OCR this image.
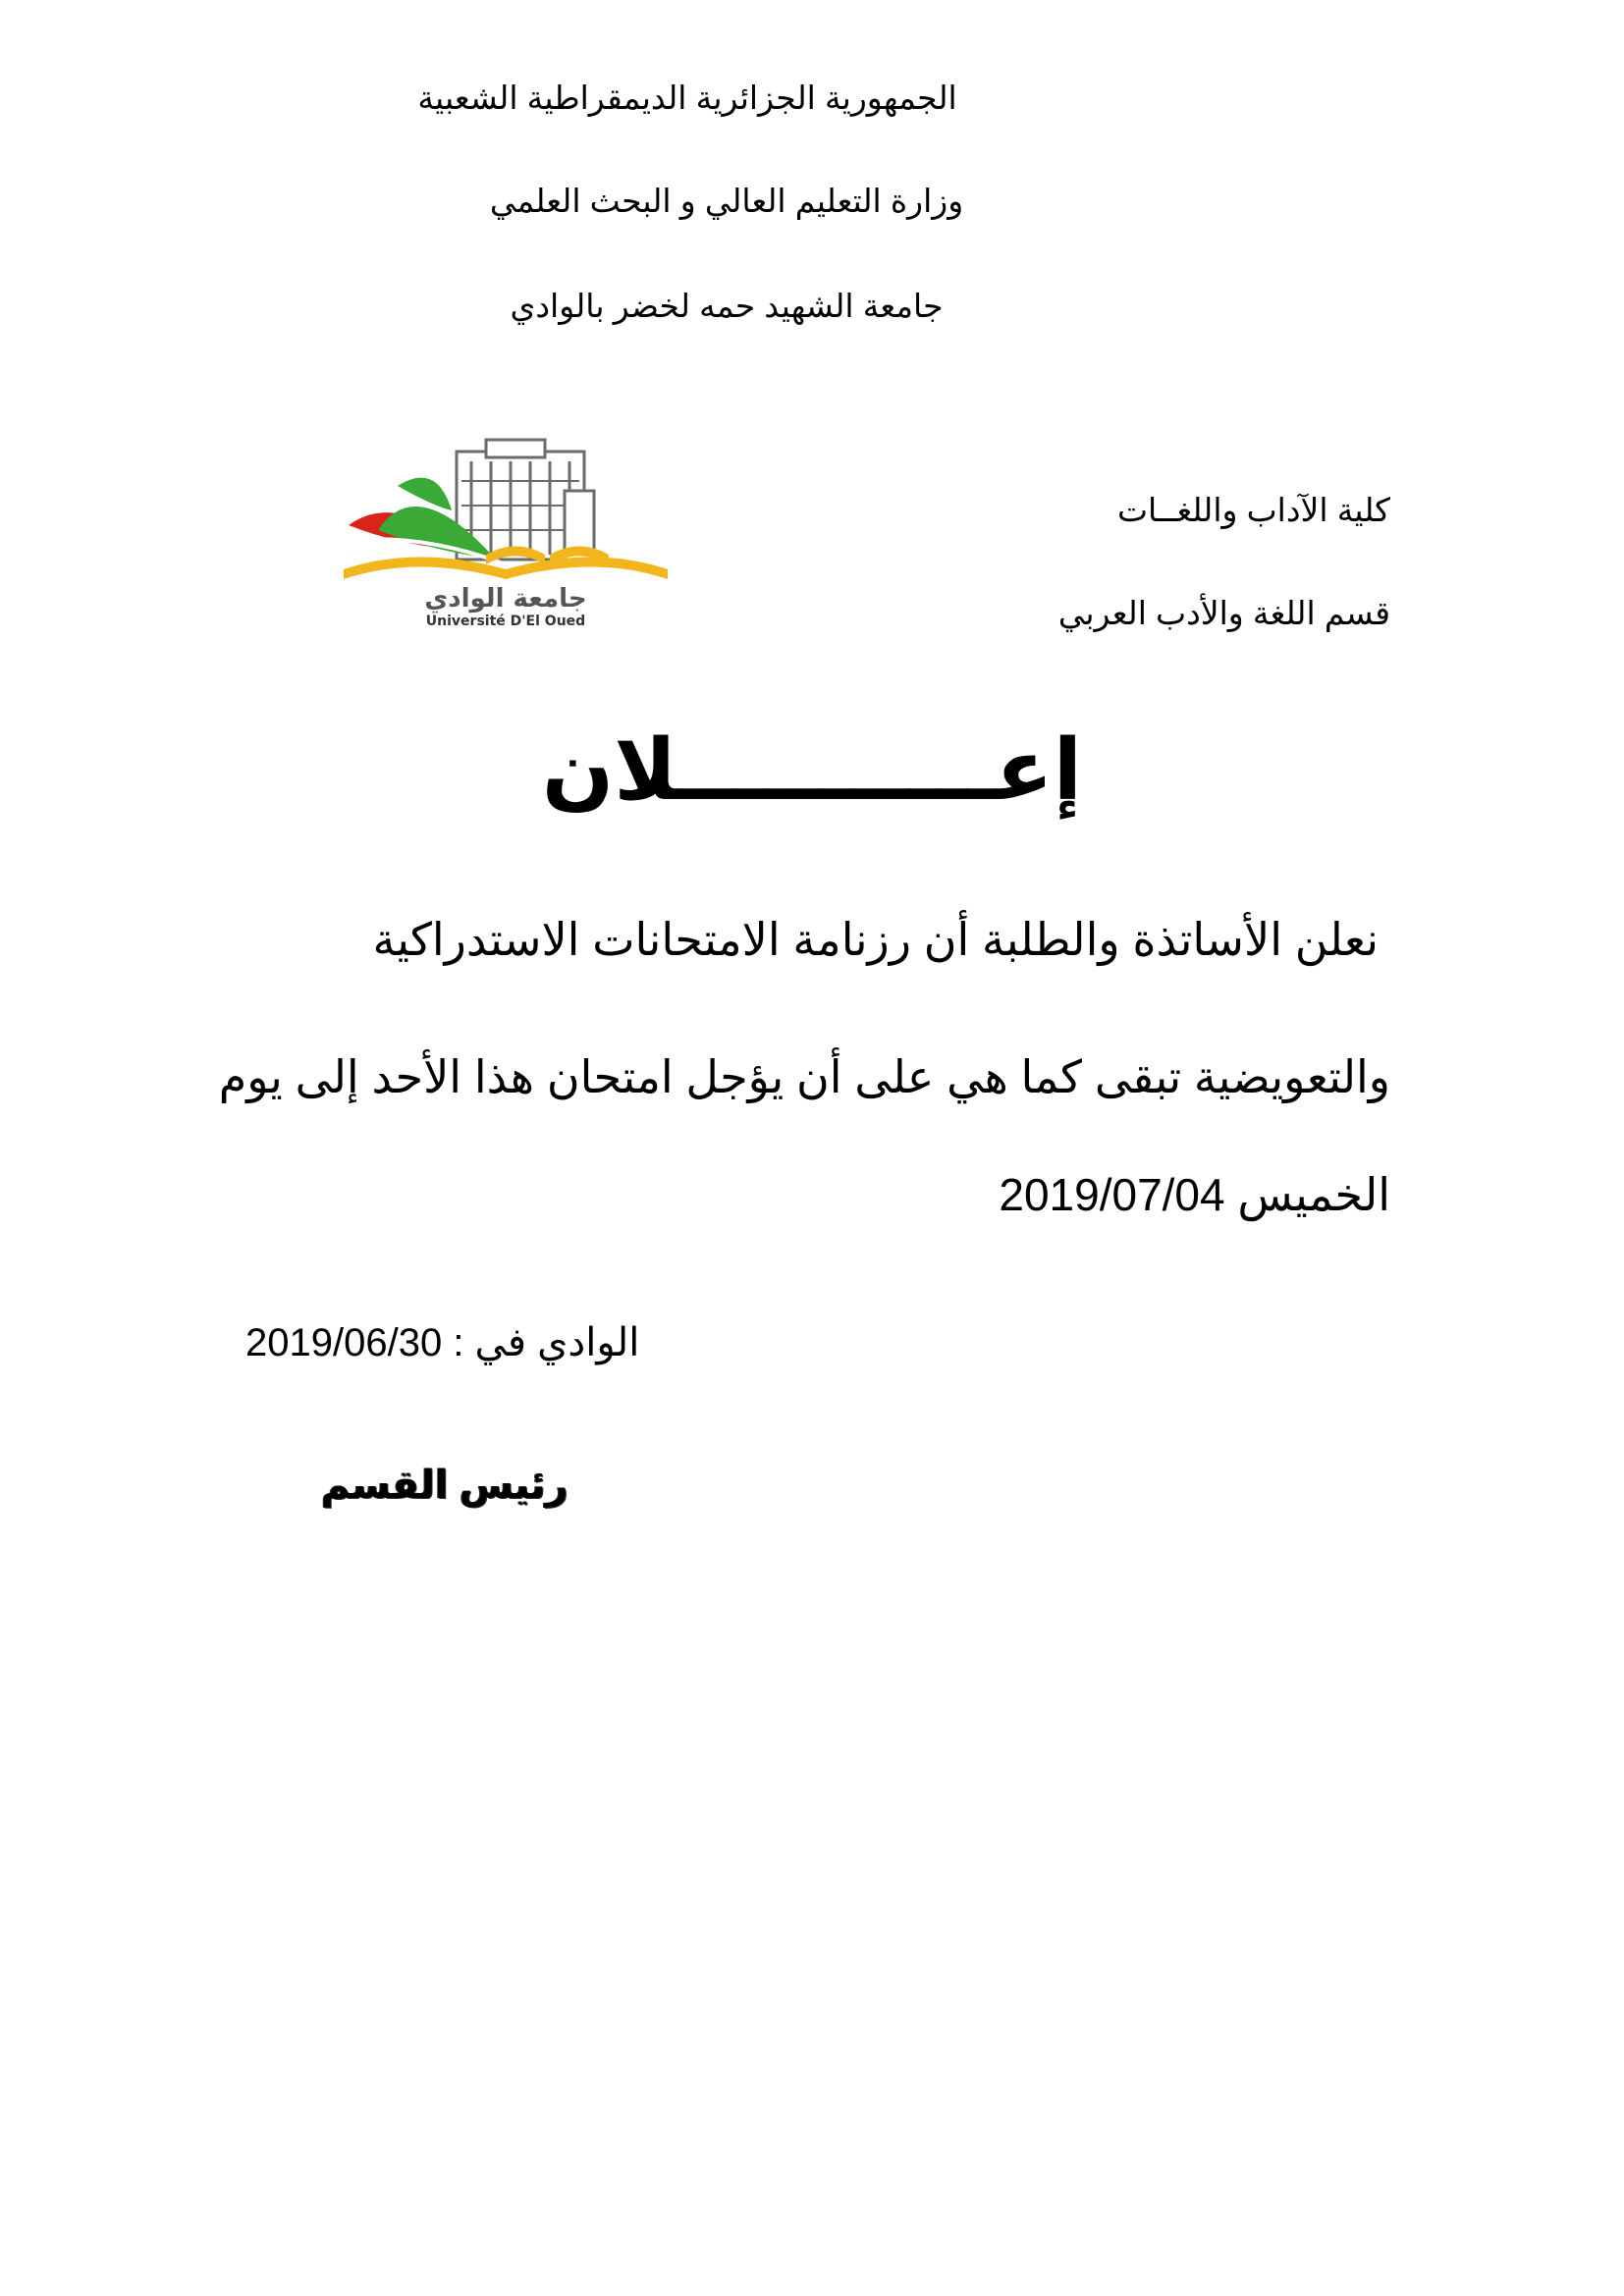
الجمهورية الجزائرية الديمقراطية الشعبية
وزارة التعليم العالي و البحث العلمي
جامعة الشهيد حمه لخضر بالوادي
كلية الآداب واللغــات
قسم اللغة والأدب العربي
جامعة الوادي
Université D'El Oued
إعـــــــــــلان
نعلن الأساتذة والطلبة أن رزنامة الامتحانات الاستدراكية
والتعويضية تبقى كما هي على أن يؤجل امتحان هذا الأحد إلى يوم
الخميس 2019/07/04
الوادي في : 2019/06/30
رئيس القسم
